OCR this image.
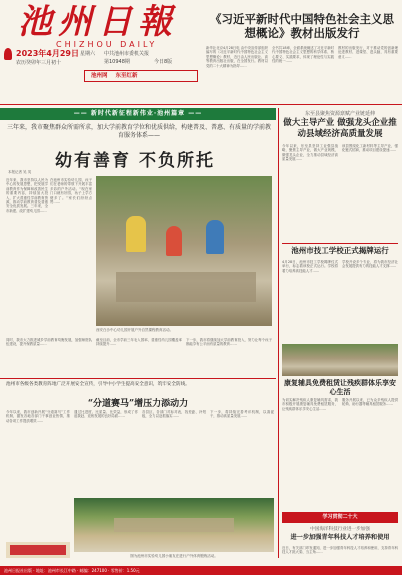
池州日報
CHIZHOU DAILY
2023年4月29日 星期六
农历癸卯年三月初十
中共池州市委机关报
第10948期	今日8版
池州网 东至红新
《习近平新时代中国特色社会主义思想概论》教材出版发行
新华社北京4月28日电 由中央宣传部组织编写的《习近平新时代中国特色社会主义思想概论》教材，近日由人民出版社、高等教育出版社出版，在全国发行。教材以党的二十大精神为指导……
全书共18章，全面系统阐述了习近平新时代中国特色社会主义思想的科学体系、核心要义、实践要求，体现了理论性与实践性的统一……
教材的出版发行，对于推动党的创新理论进教材、进课堂、进头脑，具有重要意义……
—— 新时代新征程新伟业·池州篇章 ——
三年来，我市聚焦群众所需所求，加大学前教育学位和优质供给，构建普及、普惠、有质量的学前教育服务体系——
幼有善育 不负所托
本报记者 吴 英
近年来，我市坚持以人民为中心的发展思想，把发展学前教育作为保障和改善民生的重要内容，持续加大投入，扩大普惠性学前教育资源，推动学前教育普及普惠安全优质发展。三年来，全市新建、改扩建幼儿园……
在池州市实验幼儿园，孩子们在老师的带领下开展丰富多彩的户外活动。“现在家门口就有好园，孩子上学方便多了。”家长们纷纷点赞……
西安白沙中心幼儿园开展户外自然课程教育活动。
同时，我市大力推进城乡学前教育均衡发展，加强师资队伍建设，提升保教质量……
截至目前，全市学前三年毛入园率、普惠性幼儿园覆盖率持续提升……
下一步，我市将继续加大学前教育投入，努力让每个孩子都能享有公平而有质量的教育……
东至县聚焦资源禀赋产业链延伸
做大主导产业 做强龙头企业推动县域经济高质量发展
今年以来，东至县坚持工业强县战略，聚焦主导产业，做大产业规模，做强龙头企业，全力推动县域经济高质量发展……
该县围绕化工新材料等主导产业，强化链式招商，推动项目建设提速……
池州市技工学校正式揭牌运行
4月28日，池州市技工学校揭牌仪式举行，标志着该校正式运行。学校将着力培养高技能人才……
学校开设多个专业，将为我市经济社会发展提供有力的技能人才支撑……
康复辅具免费租赁让残疾群体乐享安心生活
为切实解决残疾人康复辅具需求，我市积极开展康复辅具免费租赁服务，让残疾群体乐享安心生活……
服务开展以来，已为众多残疾人提供轮椅、助行器等辅具租赁服务……
池州市各级各类教育阵地广泛开展安全宣传，引导中小学生提高安全意识，筑牢安全防线。
“分道赛马”增压力添动力
今年以来，我市创新开展“分道赛马”工作机制，激发各地各部门干事创业热情，推动各项工作提质增效……
通过比进度、比质量、比效益，形成了你追我赶、竞相发展的良好局面……
各县区、各部门对标对表，找差距、补短板，全力以赴抓落实……
下一步，将持续完善考评机制，以赛促干，推动高质量发展……
图为池州市实验幼儿园小朋友在进行户外体育锻炼活动。
学习贯彻二十大
中国海洋科技行业进一步加强
进一步加强青年科技人才培养和使用
近日，有关部门印发通知，进一步加强青年科技人才培养和使用，支持青年科技人才挑大梁、当主角……
池州日报社出版 · 地址：池州市长江中路 · 邮编：247100 · 零售价：1.50元
